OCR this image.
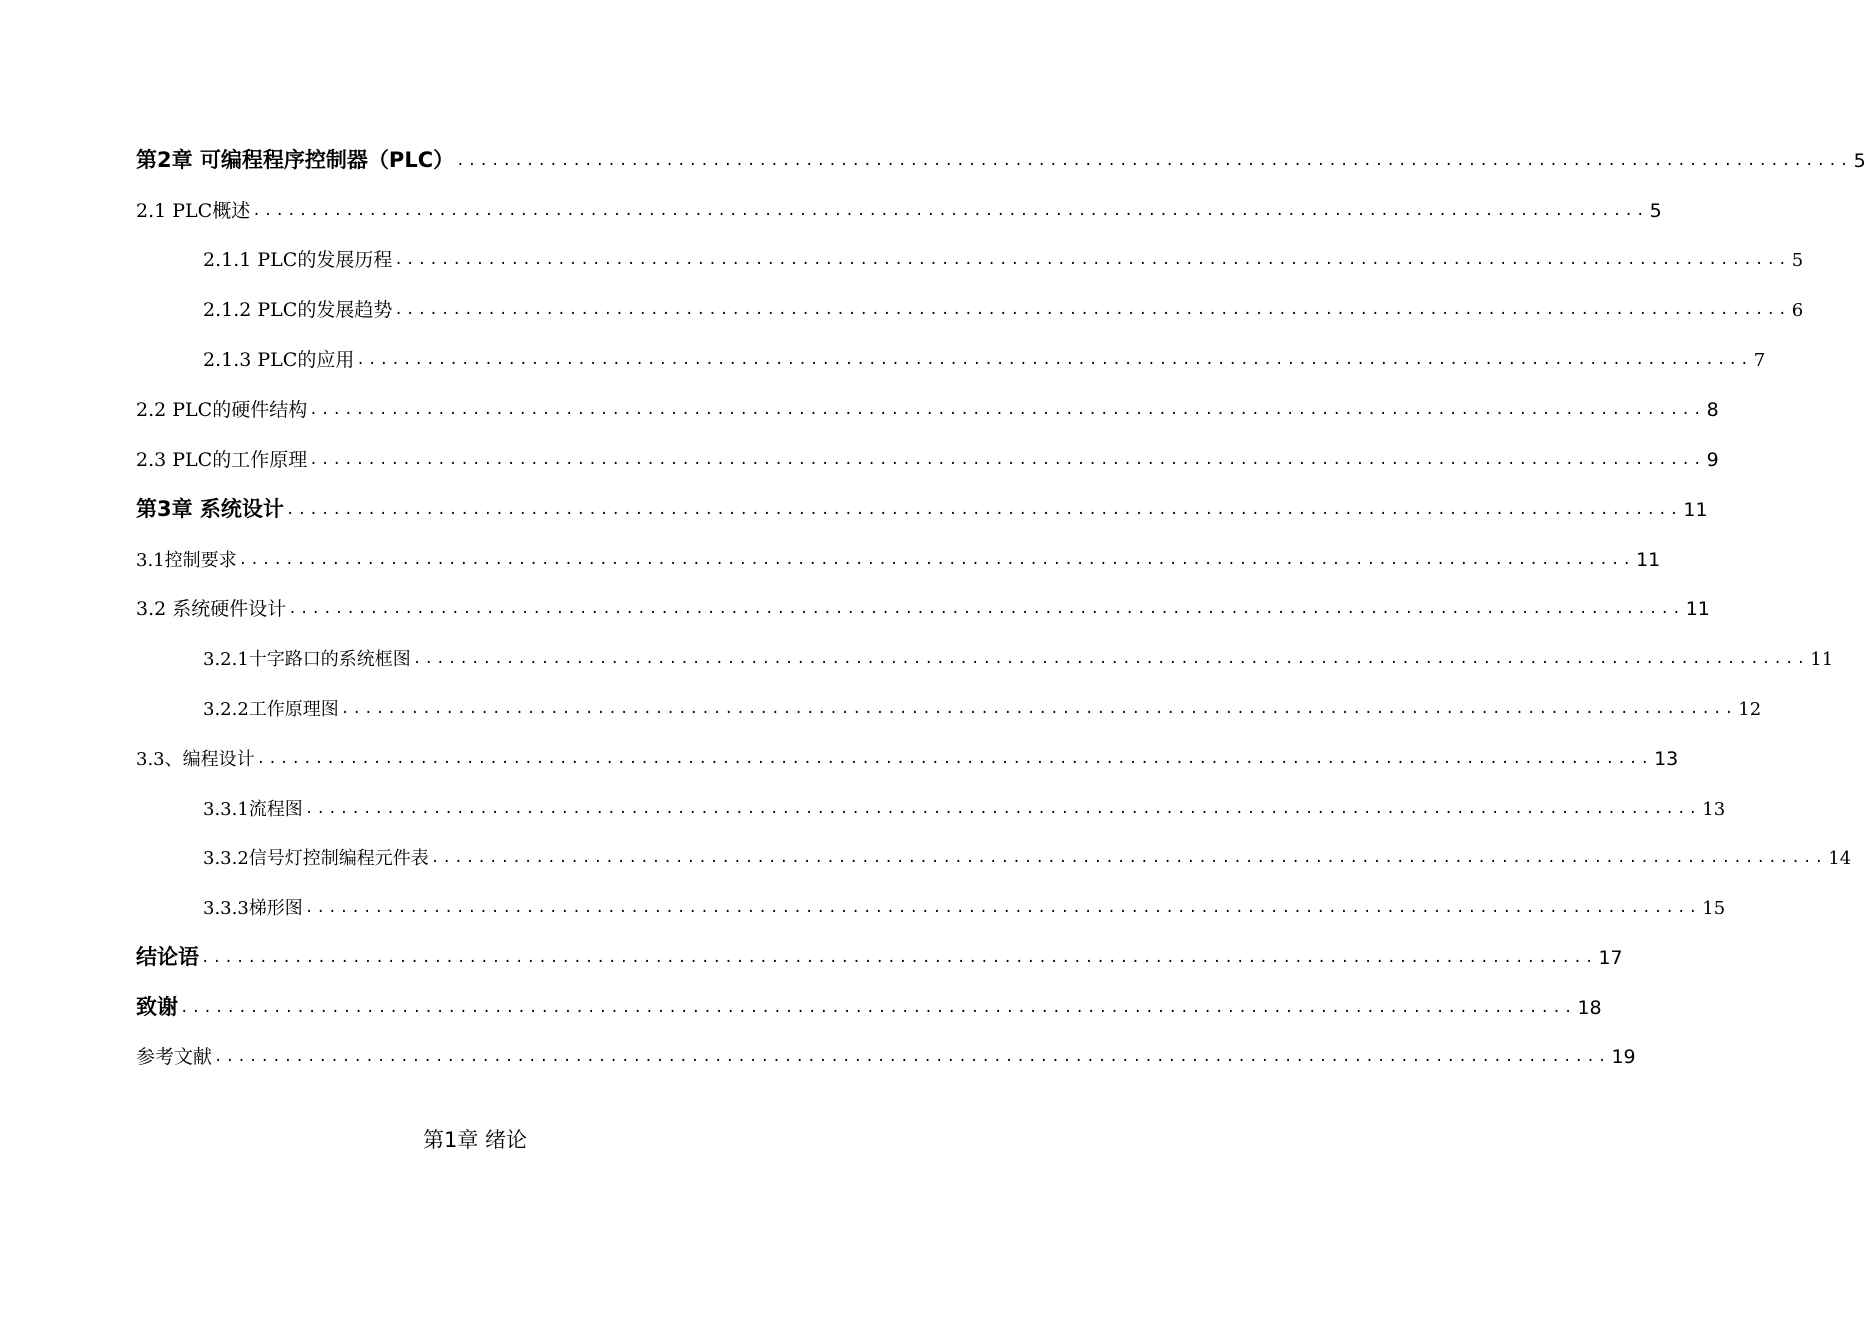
第2章 可编程程序控制器（PLC） ........................................................................................................................ 5
2.1 PLC概述 ........................................................................................................................ 5
2.1.1 PLC的发展历程 ........................................................................................................................ 5
2.1.2 PLC的发展趋势 ........................................................................................................................ 6
2.1.3 PLC的应用 ........................................................................................................................ 7
2.2 PLC的硬件结构 ........................................................................................................................ 8
2.3 PLC的工作原理 ........................................................................................................................ 9
第3章 系统设计 ........................................................................................................................ 11
3.1控制要求 ........................................................................................................................ 11
3.2 系统硬件设计 ........................................................................................................................ 11
3.2.1十字路口的系统框图 ........................................................................................................................ 11
3.2.2工作原理图 ........................................................................................................................ 12
3.3、编程设计 ........................................................................................................................ 13
3.3.1流程图 ........................................................................................................................ 13
3.3.2信号灯控制编程元件表 ........................................................................................................................ 14
3.3.3梯形图 ........................................................................................................................ 15
结论语 ........................................................................................................................ 17
致谢 ........................................................................................................................ 18
参考文献 ........................................................................................................................ 19
第1章 绪论
